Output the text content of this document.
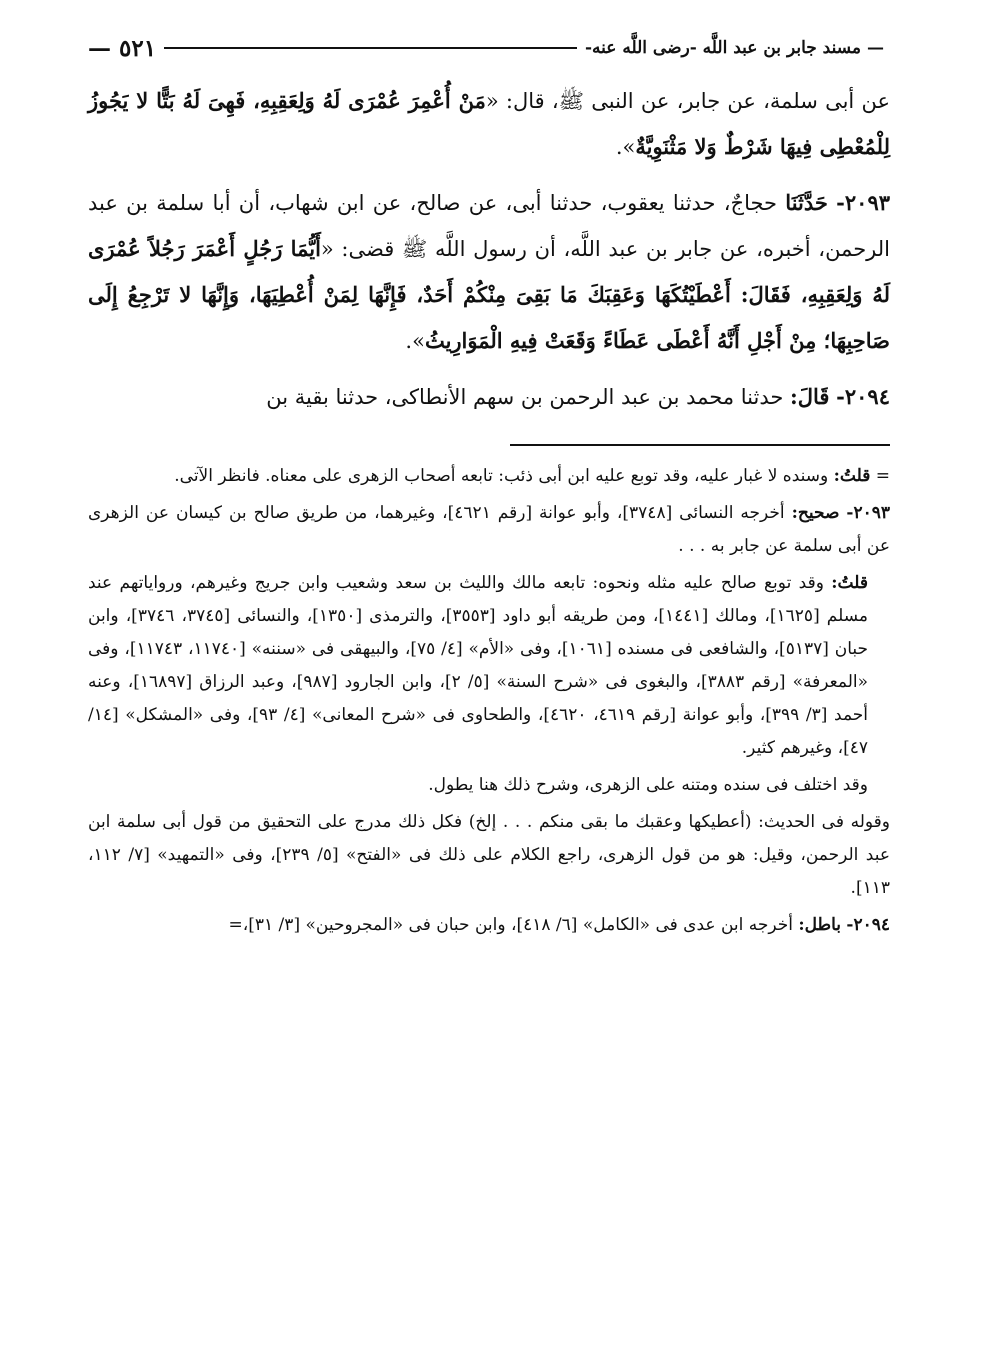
—
مسند جابر بن عبد اللَّه -رضى اللَّه عنه-
٥٢١ —

عن أبى سلمة، عن جابر، عن النبى ﷺ، قال: «مَنْ أُعْمِرَ عُمْرَى لَهُ وَلِعَقِبِهِ، فَهِىَ لَهُ بَتًّا لا يَجُوزُ لِلْمُعْطِى فِيهَا شَرْطٌ وَلا مَثْنَوِيَّةٌ».

٢٠٩٣- حَدَّثَنَا حجاجٌ، حدثنا يعقوب، حدثنا أبى، عن صالح، عن ابن شهاب، أن أبا سلمة بن عبد الرحمن، أخبره، عن جابر بن عبد اللَّه، أن رسول اللَّه ﷺ قضى: «أَيُّمَا رَجُلٍ أَعْمَرَ رَجُلاً عُمْرَى لَهُ وَلِعَقِبِهِ، فَقَالَ: أَعْطَيْتُكَهَا وَعَقِبَكَ مَا بَقِىَ مِنْكُمْ أَحَدٌ، فَإِنَّهَا لِمَنْ أُعْطِيَهَا، وَإِنَّهَا لا تَرْجِعُ إِلَى صَاحِبِهَا؛ مِنْ أَجْلِ أَنَّهُ أَعْطَى عَطَاءً وَقَعَتْ فِيهِ الْمَوَارِيثُ».

٢٠٩٤- قَالَ: حدثنا محمد بن عبد الرحمن بن سهم الأنطاكى، حدثنا بقية بن

= قلتُ: وسنده لا غبار عليه، وقد توبع عليه ابن أبى ذئب: تابعه أصحاب الزهرى على معناه. فانظر الآتى.

٢٠٩٣- صحيح: أخرجه النسائى [٣٧٤٨]، وأبو عوانة [رقم ٤٦٢١]، وغيرهما، من طريق صالح بن كيسان عن الزهرى عن أبى سلمة عن جابر به . . .

قلتُ: وقد توبع صالح عليه مثله ونحوه: تابعه مالك والليث بن سعد وشعيب وابن جريج وغيرهم، ورواياتهم عند مسلم [١٦٢٥]، ومالك [١٤٤١]، ومن طريقه أبو داود [٣٥٥٣]، والترمذى [١٣٥٠]، والنسائى [٣٧٤٥، ٣٧٤٦]، وابن حبان [٥١٣٧]، والشافعى فى مسنده [١٠٦١]، وفى «الأم» [٤/ ٧٥]، والبيهقى فى «سننه» [١١٧٤٠، ١١٧٤٣]، وفى «المعرفة» [رقم ٣٨٨٣]، والبغوى فى «شرح السنة» [٥/ ٢]، وابن الجارود [٩٨٧]، وعبد الرزاق [١٦٨٩٧]، وعنه أحمد [٣/ ٣٩٩]، وأبو عوانة [رقم ٤٦١٩، ٤٦٢٠]، والطحاوى فى «شرح المعانى» [٤/ ٩٣]، وفى «المشكل» [١٤/ ٤٧]، وغيرهم كثير.

وقد اختلف فى سنده ومتنه على الزهرى، وشرح ذلك هنا يطول.

وقوله فى الحديث: (أعطيكها وعقبك ما بقى منكم . . . إلخ) فكل ذلك مدرج على التحقيق من قول أبى سلمة ابن عبد الرحمن، وقيل: هو من قول الزهرى، راجع الكلام على ذلك فى «الفتح» [٥/ ٢٣٩]، وفى «التمهيد» [٧/ ١١٢، ١١٣].

٢٠٩٤- باطل: أخرجه ابن عدى فى «الكامل» [٦/ ٤١٨]، وابن حبان فى «المجروحين» [٣/ ٣١]،=
